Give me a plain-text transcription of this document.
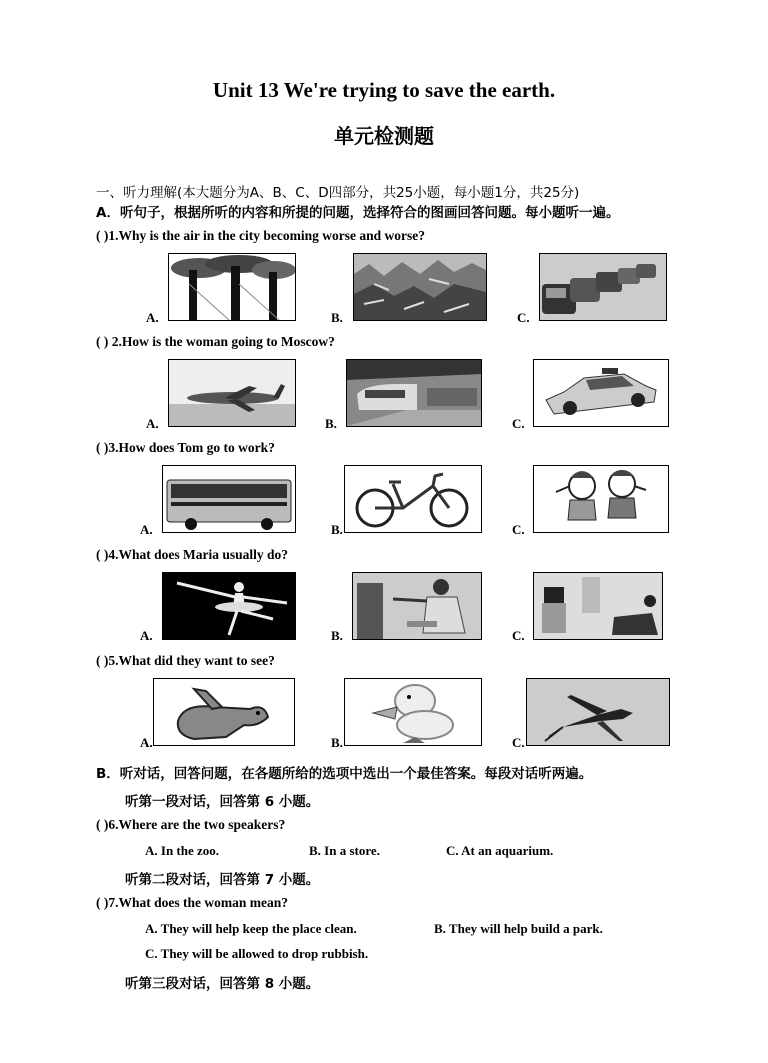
Unit 13 We're trying to save the earth.
单元检测题
一、听力理解(本大题分为A、B、C、D四部分，共25小题，每小题1分，共25分)
A．听句子，根据所听的内容和所提的问题，选择符合的图画回答问题。每小题听一遍。
( )1.Why is the air in the city becoming worse and worse?
A.	B.	C.
( ) 2.How is the woman going to Moscow?
A.	B.	C.
( )3.How does Tom go to work?
A.	B.	C.
( )4.What does Maria usually do?
A.	B.	C.
( )5.What did they want to see?
A.	B.	C.
B．听对话，回答问题，在各题所给的选项中选出一个最佳答案。每段对话听两遍。
听第一段对话，回答第 6 小题。
( )6.Where are the two speakers?
A. In the zoo.	B. In a store.	C. At an aquarium.
听第二段对话，回答第 7 小题。
( )7.What does the woman mean?
A. They will help keep the place clean.	B. They will help build a park.
C. They will be allowed to drop rubbish.
听第三段对话，回答第 8 小题。
